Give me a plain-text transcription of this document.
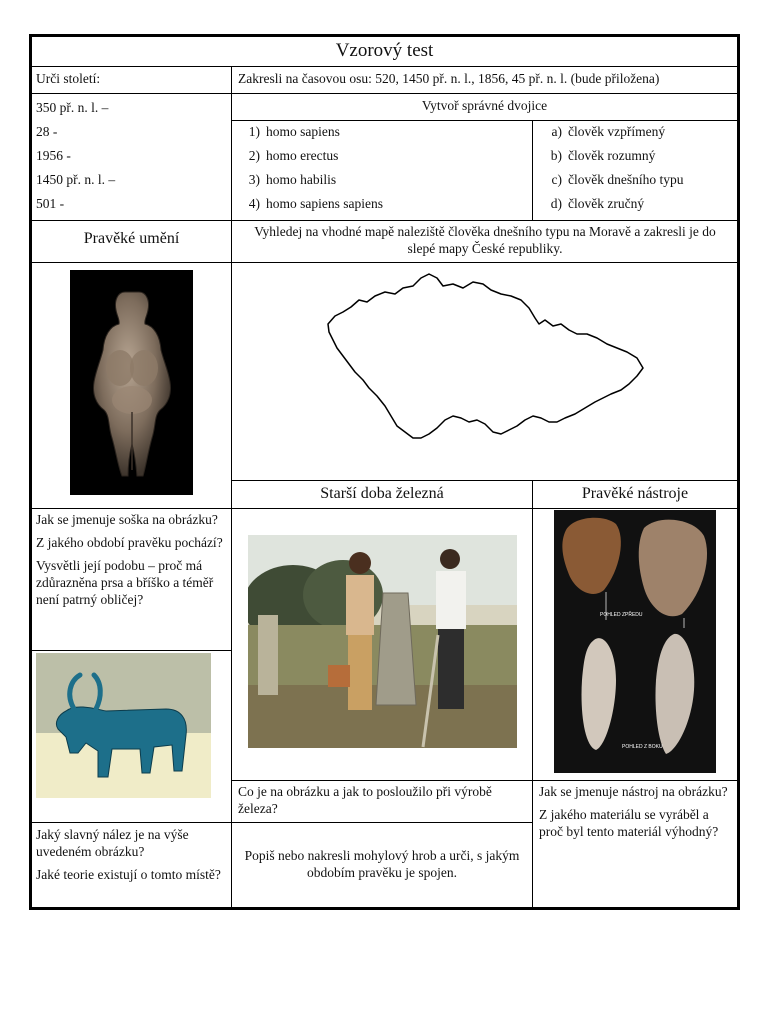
Vzorový test
Urči století:	Zakresli na časovou osu: 520, 1450 př. n. l., 1856, 45 př. n. l. (bude přiložena)
350 př. n. l. –
28 -
1956 -
1450 př. n. l. –
501 -
Vytvoř správné dvojice
1) homo sapiens
2) homo erectus
3) homo habilis
4) homo sapiens sapiens
a) člověk vzpřímený
b) člověk rozumný
c) člověk dnešního typu
d) člověk zručný
Pravěké umění	Vyhledej na vhodné mapě naleziště člověka dnešního typu na Moravě a zakresli je do slepé mapy České republiky.
Starší doba železná	Pravěké nástroje

Jak se jmenuje soška na obrázku?

Z jakého období pravěku pochází?

Vysvětli její podobu – proč má zdůrazněna prsa a bříško a téměř není patrný obličej?

POHLED ZPŘEDU
POHLED Z BOKU

Co je na obrázku a jak to posloužilo při výrobě železa?

Jak se jmenuje nástroj na obrázku?

Z jakého materiálu se vyráběl a proč byl tento materiál výhodný?

Jaký slavný nález je na výše uvedeném obrázku?

Jaké teorie existují o tomto místě?

Popiš nebo nakresli mohylový hrob a urči, s jakým obdobím pravěku je spojen.
